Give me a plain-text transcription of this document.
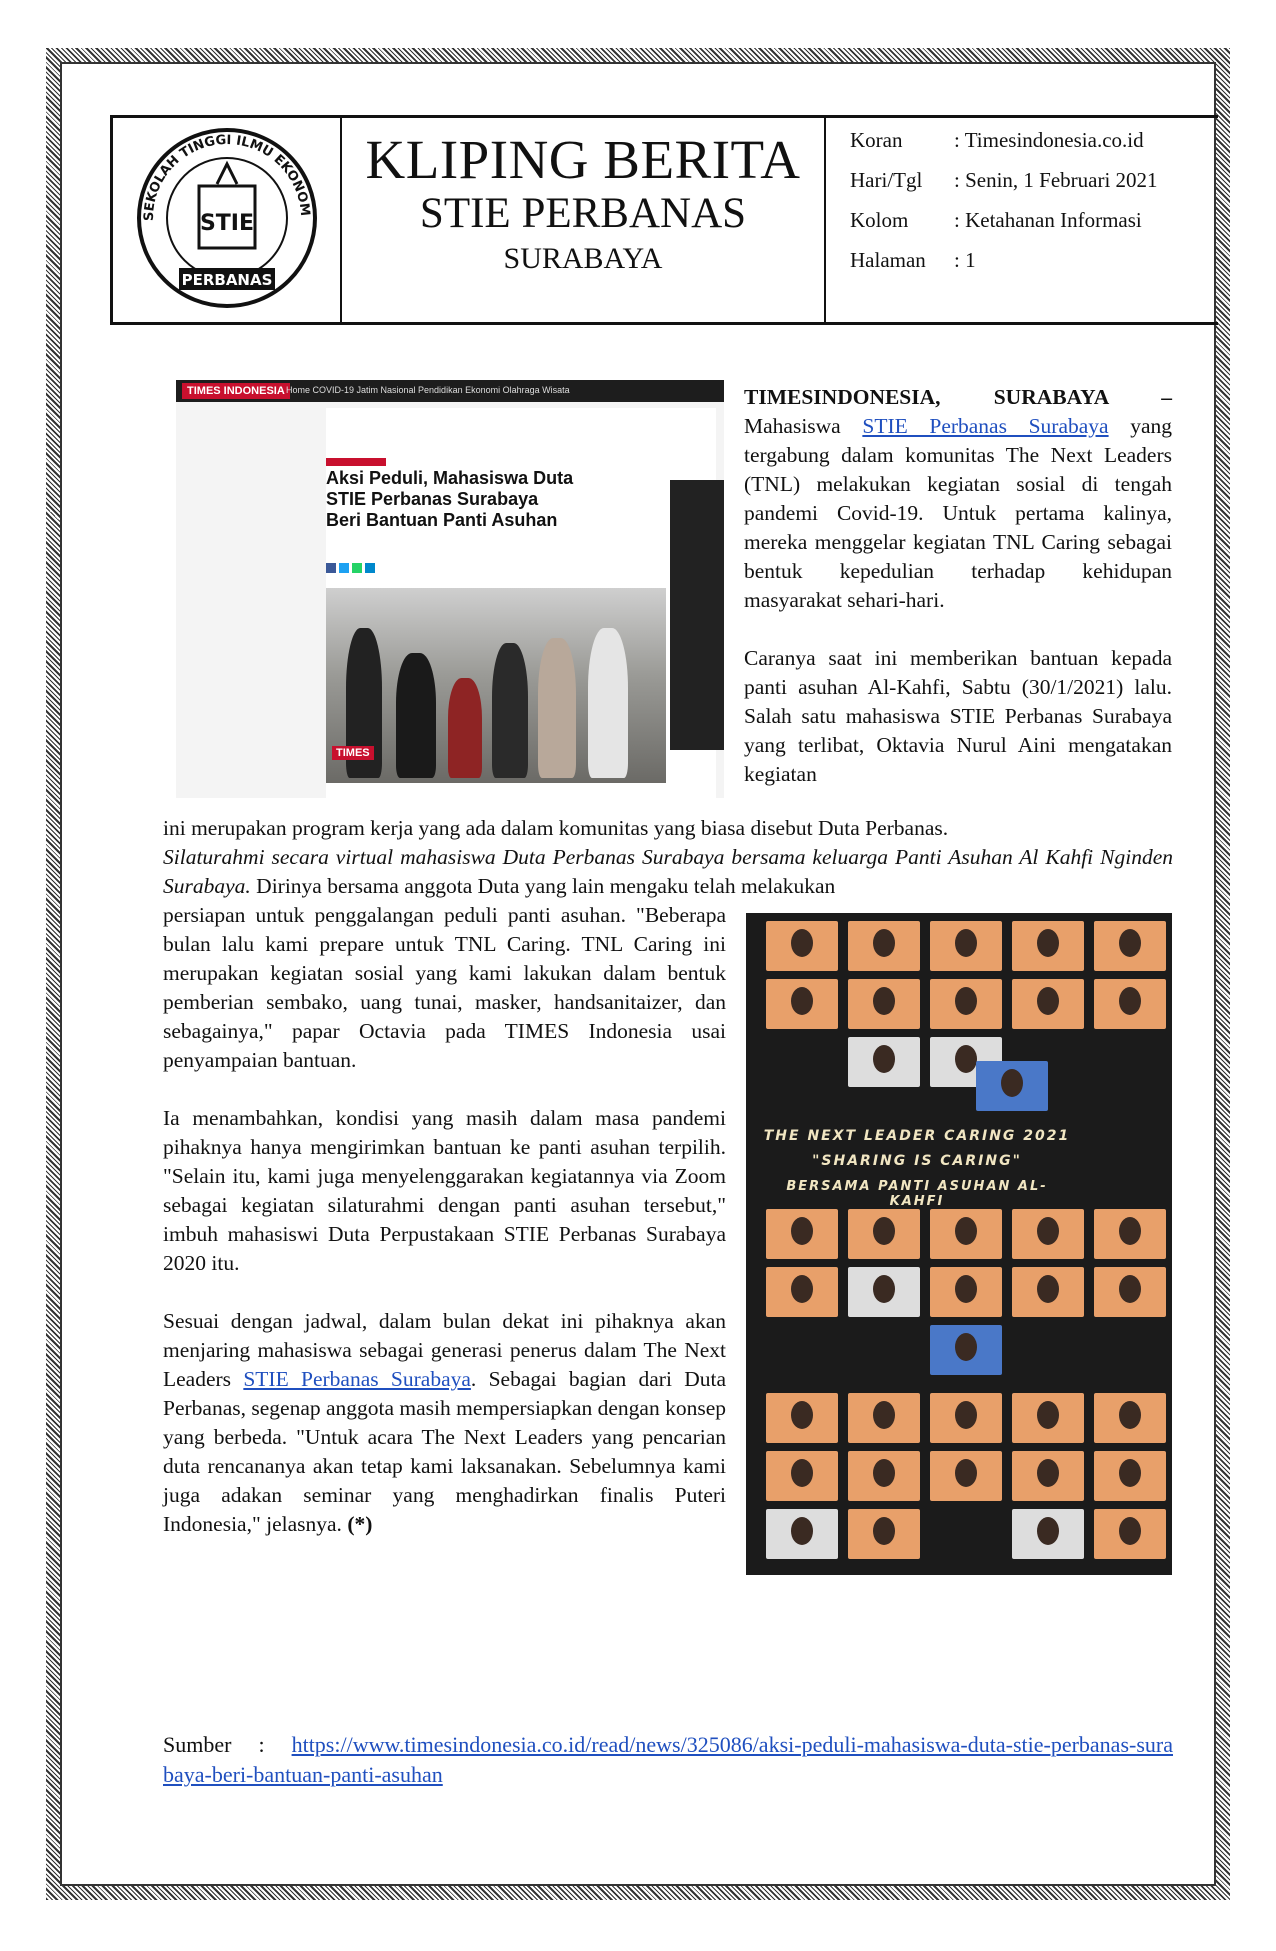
SEKOLAH TINGGI ILMU EKONOM
STIE
PERBANAS
KLIPING BERITA
STIE PERBANAS
SURABAYA
Koran : Timesindonesia.co.id
Hari/Tgl : Senin, 1 Februari 2021
Kolom : Ketahanan Informasi
Halaman : 1
TIMES INDONESIA Home COVID-19 Jatim Nasional Pendidikan Ekonomi Olahraga Wisata
Aksi Peduli, Mahasiswa Duta STIE Perbanas Surabaya Beri Bantuan Panti Asuhan
TIMES
TIMESINDONESIA, SURABAYA – Mahasiswa STIE Perbanas Surabaya yang tergabung dalam komunitas The Next Leaders (TNL) melakukan kegiatan sosial di tengah pandemi Covid-19. Untuk pertama kalinya, mereka menggelar kegiatan TNL Caring sebagai bentuk kepedulian terhadap kehidupan masyarakat sehari-hari.
Caranya saat ini memberikan bantuan kepada panti asuhan Al-Kahfi, Sabtu (30/1/2021) lalu. Salah satu mahasiswa STIE Perbanas Surabaya yang terlibat, Oktavia Nurul Aini mengatakan kegiatan
ini merupakan program kerja yang ada dalam komunitas yang biasa disebut Duta Perbanas.
Silaturahmi secara virtual mahasiswa Duta Perbanas Surabaya bersama keluarga Panti Asuhan Al Kahfi Nginden Surabaya. Dirinya bersama anggota Duta yang lain mengaku telah melakukan

persiapan untuk penggalangan peduli panti asuhan. "Beberapa bulan lalu kami prepare untuk TNL Caring. TNL Caring ini merupakan kegiatan sosial yang kami lakukan dalam bentuk pemberian sembako, uang tunai, masker, handsanitaizer, dan sebagainya," papar Octavia pada TIMES Indonesia usai penyampaian bantuan.

Ia menambahkan, kondisi yang masih dalam masa pandemi pihaknya hanya mengirimkan bantuan ke panti asuhan terpilih. "Selain itu, kami juga menyelenggarakan kegiatannya via Zoom sebagai kegiatan silaturahmi dengan panti asuhan tersebut," imbuh mahasiswi Duta Perpustakaan STIE Perbanas Surabaya 2020 itu.

Sesuai dengan jadwal, dalam bulan dekat ini pihaknya akan menjaring mahasiswa sebagai generasi penerus dalam The Next Leaders STIE Perbanas Surabaya. Sebagai bagian dari Duta Perbanas, segenap anggota masih mempersiapkan dengan konsep yang berbeda. "Untuk acara The Next Leaders yang pencarian duta rencananya akan tetap kami laksanakan. Sebelumnya kami juga adakan seminar yang menghadirkan finalis Puteri Indonesia," jelasnya. (*)

THE NEXT LEADER CARING 2021
"SHARING IS CARING"
BERSAMA PANTI ASUHAN AL-KAHFI
Sumber : https://www.timesindonesia.co.id/read/news/325086/aksi-peduli-mahasiswa-duta-stie-perbanas-surabaya-beri-bantuan-panti-asuhan
